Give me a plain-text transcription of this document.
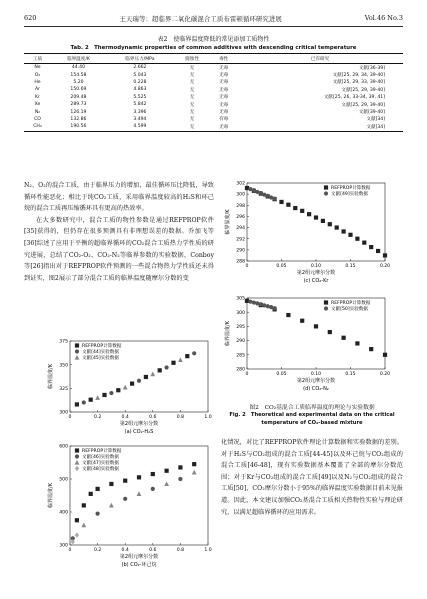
620	王天瑞等：超临界二氧化碳混合工质布雷顿循环研究进展	Vol.46 No.3
表2　使临界温度降低的常见添加工质物性
Tab. 2　Thermodynamic properties of common additives with descending critical temperature
工质	临界温度/K	临界压力/MPa	腐蚀性	毒性	已有研究
Ne	44.40	2.662	无	无毒	文献[36-39]
O₂	154.58	5.043	无	无毒	文献[25, 29, 34, 39-40]
He	5.20	0.228	无	无毒	文献[25, 29, 33, 39-40]
Ar	150.69	4.863	无	无毒	文献[25, 29, 39-40]
Kr	209.48	5.525	无	无毒	文献[25, 26, 33-34, 39, 41]
Xe	289.73	5.842	无	无毒	文献[25, 29, 39-40]
N₂	126.19	3.396	无	无毒	文献[39-40]
CO	132.86	3.494	无	有毒	文献[34]
CH₄	190.56	4.599	无	无毒	文献[34]

N₂、O₂的混合工质，由于临界压力的增加，最佳循环压比降低，导致循环性能恶化；相比于纯CO₂工质，采用临界温度较高的H₂S和环己烷的混合工质再压缩循环具有更高的热效率。

在大多数研究中，混合工质的物性参数是通过REFPROP软件[35]获得的，但仍存在很多预测具有非理想误差的数据。乔加飞等[36]综述了应用于平衡的超临界循环的CO₂混合工质热力学性质的研究进展，总结了CO₂-O₂、CO₂-N₂等临界参数的实验数据，Conboy等[26]指出对于REFPROP软件预测的一些混合物热力学性质还未得到证实，图2展示了部分混合工质的临界温度随摩尔分数的变

0	0.2	0.4	0.6	0.8	1.0
300
325
350
375
第2组元摩尔分数
(a) CO₂-H₂S
临界温度/K
REFPROP计算数据
文献[44]实验数据
文献[45]实验数据
0	0.2	0.4	0.6	0.8	1.0
300
400
500
600
第2组元摩尔分数
(b) CO₂-环己烷
临界温度/K
REFPROP计算数据
文献[46]实验数据
文献[47]实验数据
文献[48]实验数据
0	0.05	0.10	0.15	0.20
288
290
292
294
296
298
300
302
第2组元摩尔分数
(c) CO₂-Kr
临界温度/K
REFPROP计算数据
文献[49]实验数据
0	0.05	0.10	0.15	0.20
280
285
290
295
300
305
第2组元摩尔分数
(d) CO₂-N₂
临界温度/K
REFPROP计算数据
文献[50]实验数据
图2　CO₂基混合工质临界温度的理论与实验数据
Fig. 2　Theoretical and experimental data on the critical
temperature of CO₂-based mixture

化情况，对比了REFPROP软件理论计算数据和实验数据的差别。对于H₂S与CO₂组成的混合工质[44-45]以及环己烷与CO₂组成的混合工质[46-48]，现有实验数据基本覆盖了全部的摩尔分数范围；对于Kr与CO₂组成的混合工质[49]以及N₂与CO₂组成的混合工质[50]，CO₂摩尔分数小于95%的临界温度实验数据目前未见报道。因此，本文建议加强CO₂基混合工质相关热物性实验与理论研究，以满足超临界循环的应用需求。
